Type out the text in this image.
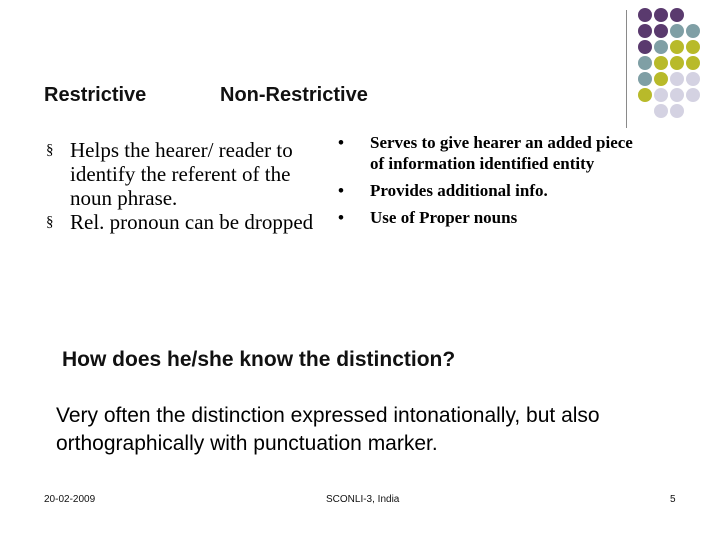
Restrictive	Non-Restrictive
§ Helps the hearer/ reader to identify the referent of the noun phrase.
§ Rel. pronoun can be dropped
• Serves to give hearer an added piece of information identified entity
• Provides additional info.
• Use of Proper nouns
How does he/she know the distinction?
Very often the distinction expressed intonationally, but also orthographically with punctuation marker.
20-02-2009	SCONLI-3, India	5
